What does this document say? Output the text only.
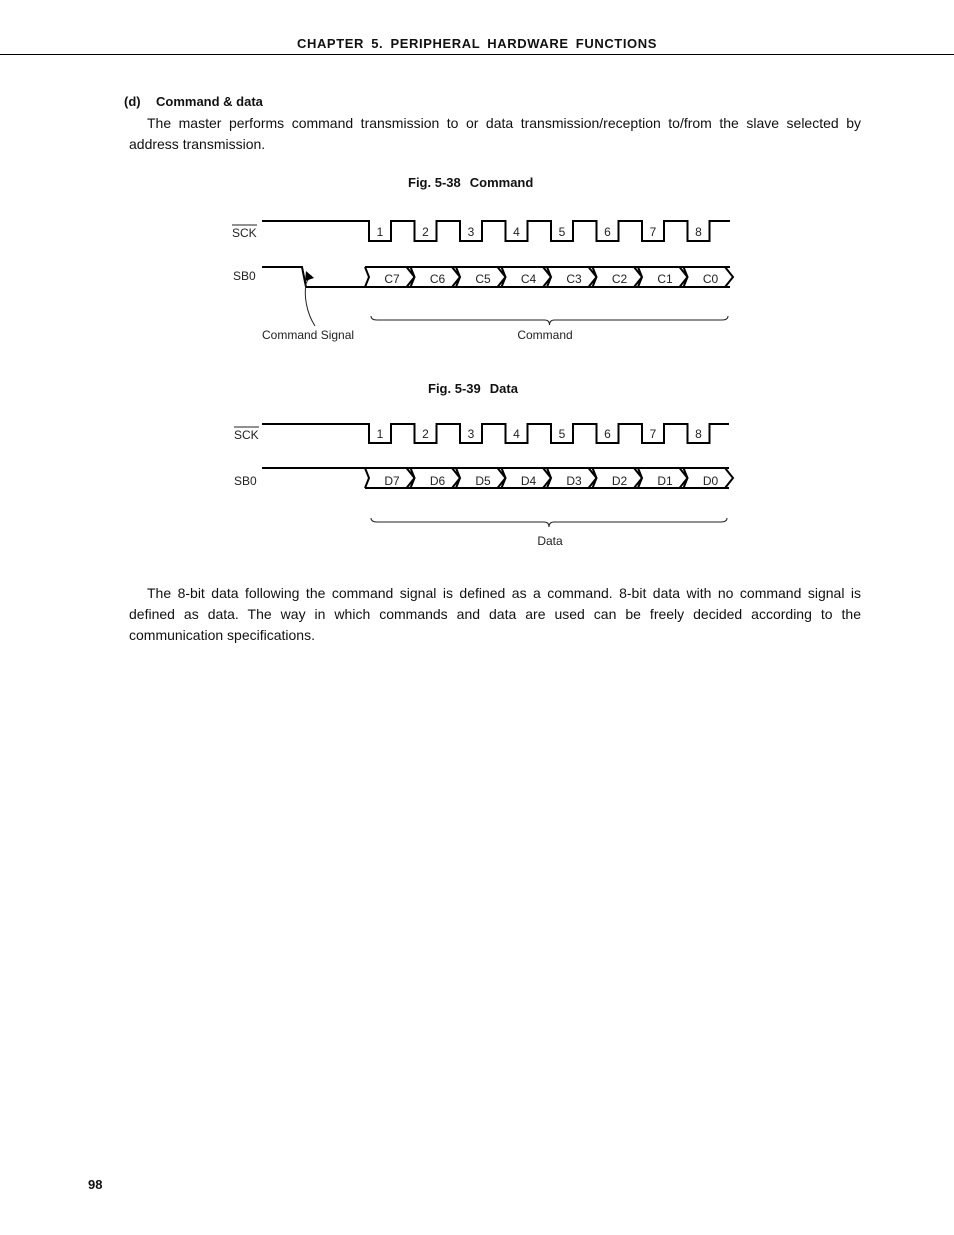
CHAPTER 5. PERIPHERAL HARDWARE FUNCTIONS
(d) Command & data
The master performs command transmission to or data transmission/reception to/from the slave selected by address transmission.
Fig. 5-38 Command
SCK	1	2	3	4	5	6	7	8
SB0	C7	C6	C5	C4	C3	C2	C1	C0
Command Signal	Command
Fig. 5-39 Data
SCK	1	2	3	4	5	6	7	8
SB0	D7	D6	D5	D4	D3	D2	D1	D0
Data
The 8-bit data following the command signal is defined as a command. 8-bit data with no command signal is defined as data. The way in which commands and data are used can be freely decided according to the communication specifications.
98
